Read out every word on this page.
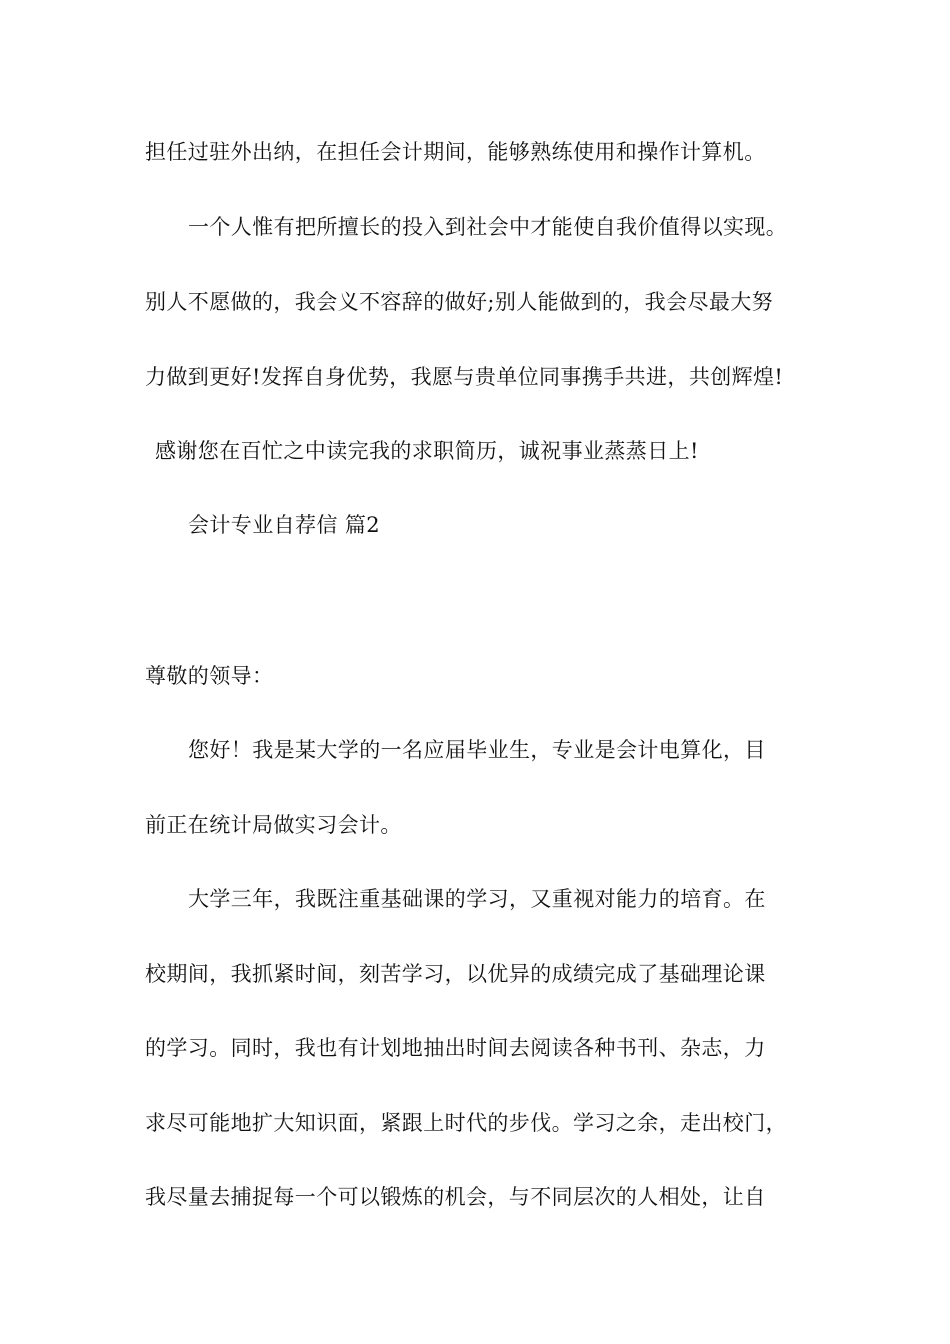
担任过驻外出纳，在担任会计期间，能够熟练使用和操作计算机。
一个人惟有把所擅长的投入到社会中才能使自我价值得以实现。
别人不愿做的，我会义不容辞的做好;别人能做到的，我会尽最大努
力做到更好!发挥自身优势，我愿与贵单位同事携手共进，共创辉煌!
感谢您在百忙之中读完我的求职简历，诚祝事业蒸蒸日上!
会计专业自荐信 篇2
尊敬的领导：
您好！我是某大学的一名应届毕业生，专业是会计电算化，目
前正在统计局做实习会计。
大学三年，我既注重基础课的学习，又重视对能力的培育。在
校期间，我抓紧时间，刻苦学习，以优异的成绩完成了基础理论课
的学习。同时，我也有计划地抽出时间去阅读各种书刊、杂志，力
求尽可能地扩大知识面，紧跟上时代的步伐。学习之余，走出校门，
我尽量去捕捉每一个可以锻炼的机会，与不同层次的人相处，让自
